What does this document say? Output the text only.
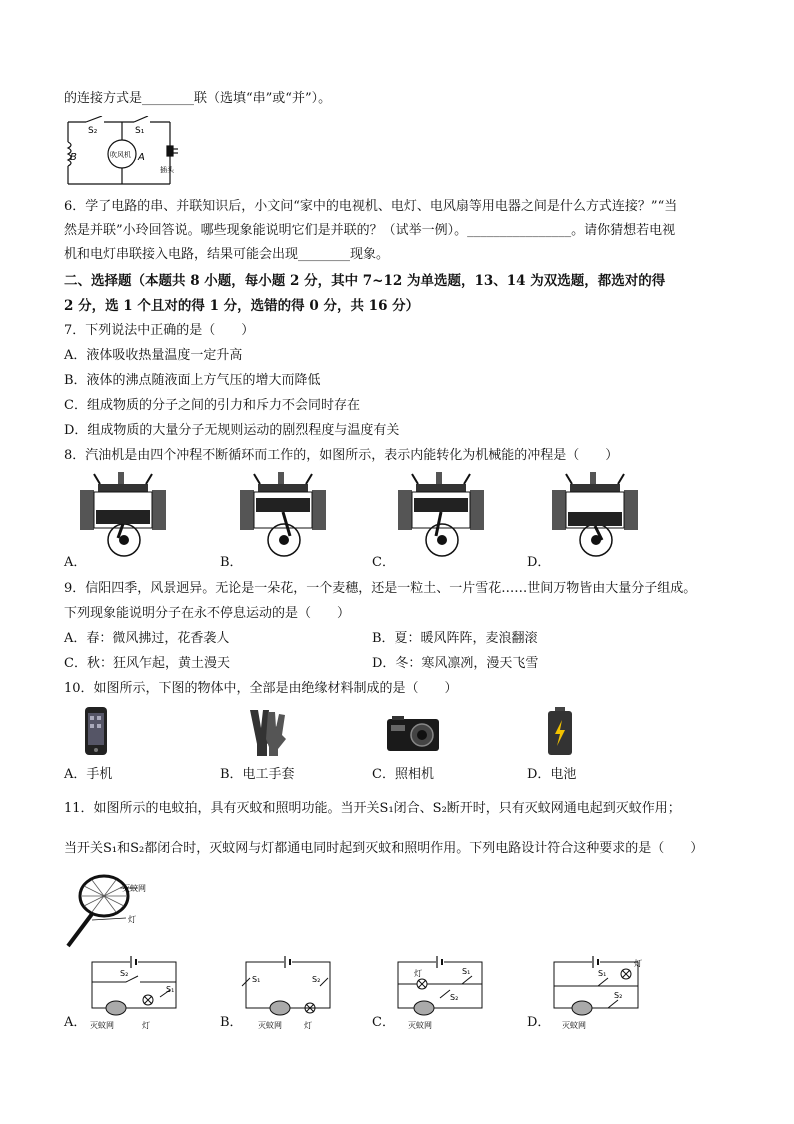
的连接方式是________联（选填“串”或“并”）。
S₂	S₁
B	A
吹风机
插头
6．学了电路的串、并联知识后，小文问“家中的电视机、电灯、电风扇等用电器之间是什么方式连接？”“当
然是并联”小玲回答说。哪些现象能说明它们是并联的？（试举一例）。________________。请你猜想若电视
机和电灯串联接入电路，结果可能会出现________现象。
二、选择题（本题共 8 小题，每小题 2 分，其中 7~12 为单选题，13、14 为双选题，都选对的得
2 分，选 1 个且对的得 1 分，选错的得 0 分，共 16 分）
7．下列说法中正确的是（　　）
A．液体吸收热量温度一定升高
B．液体的沸点随液面上方气压的增大而降低
C．组成物质的分子之间的引力和斥力不会同时存在
D．组成物质的大量分子无规则运动的剧烈程度与温度有关
8．汽油机是由四个冲程不断循环而工作的，如图所示，表示内能转化为机械能的冲程是（　　）
A．	B．	C．	D．
9．信阳四季，风景迥异。无论是一朵花，一个麦穗，还是一粒土、一片雪花……世间万物皆由大量分子组成。
下列现象能说明分子在永不停息运动的是（　　）
A．春：微风拂过，花香袭人	B．夏：暖风阵阵，麦浪翻滚
C．秋：狂风乍起，黄土漫天	D．冬：寒风凛冽，漫天飞雪
10．如图所示，下图的物体中，全部是由绝缘材料制成的是（　　）
A．手机	B．电工手套	C．照相机	D．电池
11．如图所示的电蚊拍，具有灭蚊和照明功能。当开关S₁闭合、S₂断开时，只有灭蚊网通电起到灭蚊作用；
当开关S₁和S₂都闭合时，灭蚊网与灯都通电同时起到灭蚊和照明作用。下列电路设计符合这种要求的是（　　）
灭蚊网
灯
S₂
S₁
灭蚊网	灯
S₁	S₂
灭蚊网	灯
灯	S₁
S₂
灭蚊网
灯
S₁
S₂
灭蚊网
A．	B．	C．	D．
